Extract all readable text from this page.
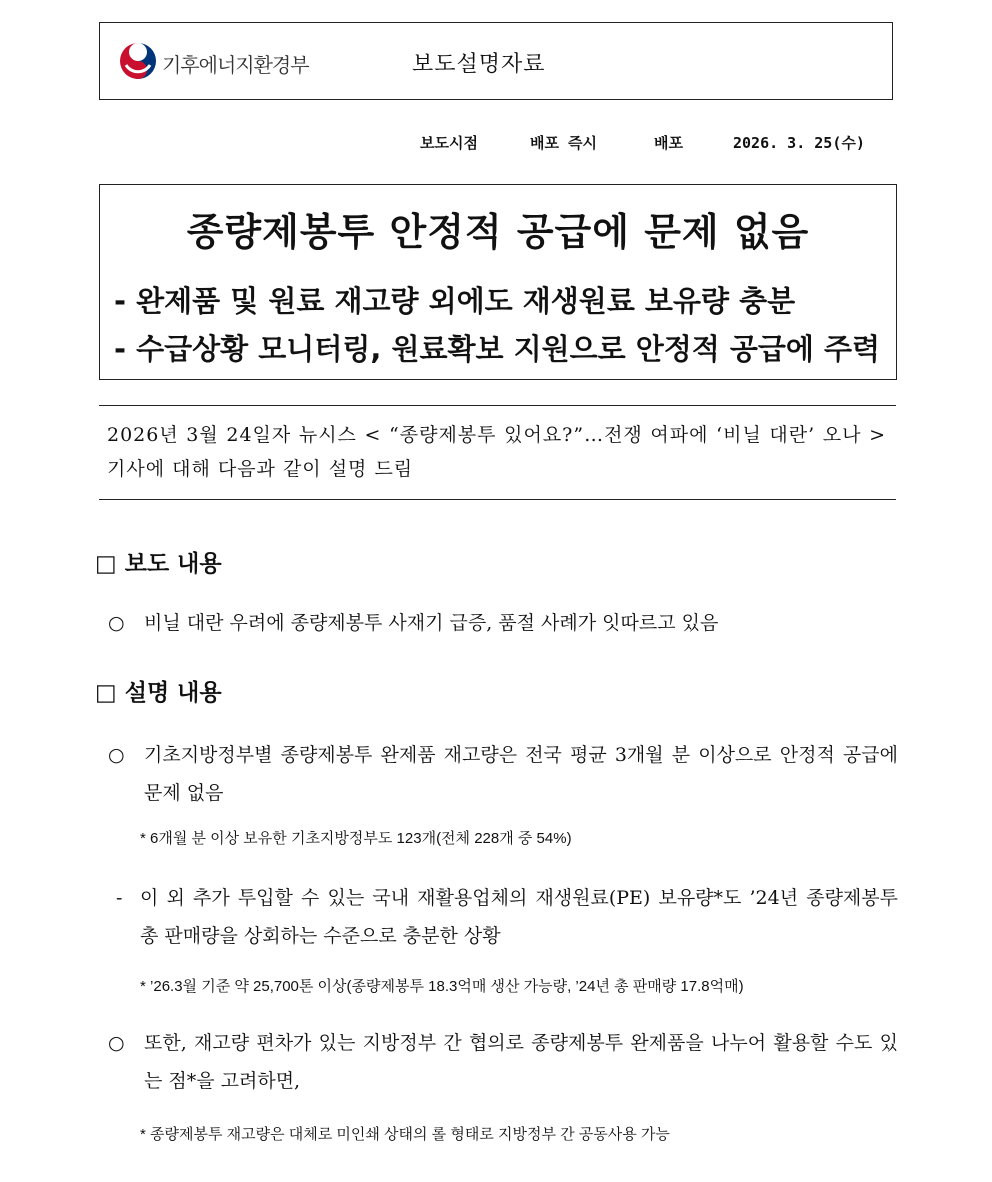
기후에너지환경부	보도설명자료
보도시점	배포 즉시	배포	2026. 3. 25(수)
종량제봉투 안정적 공급에 문제 없음
- 완제품 및 원료 재고량 외에도 재생원료 보유량 충분
- 수급상황 모니터링, 원료확보 지원으로 안정적 공급에 주력
2026년 3월 24일자 뉴시스 < “종량제봉투 있어요?”…전쟁 여파에 ‘비닐 대란’ 오나 > 기사에 대해 다음과 같이 설명 드림
□ 보도 내용
○	비닐 대란 우려에 종량제봉투 사재기 급증, 품절 사례가 잇따르고 있음
□ 설명 내용
○	기초지방정부별 종량제봉투 완제품 재고량은 전국 평균 3개월 분 이상으로 안정적 공급에 문제 없음
* 6개월 분 이상 보유한 기초지방정부도 123개(전체 228개 중 54%)
- 이 외 추가 투입할 수 있는 국내 재활용업체의 재생원료(PE) 보유량*도 ’24년 종량제봉투 총 판매량을 상회하는 수준으로 충분한 상황
* ’26.3월 기준 약 25,700톤 이상(종량제봉투 18.3억매 생산 가능량, ’24년 총 판매량 17.8억매)
○	또한, 재고량 편차가 있는 지방정부 간 협의로 종량제봉투 완제품을 나누어 활용할 수도 있는 점*을 고려하면,
* 종량제봉투 재고량은 대체로 미인쇄 상태의 롤 형태로 지방정부 간 공동사용 가능
